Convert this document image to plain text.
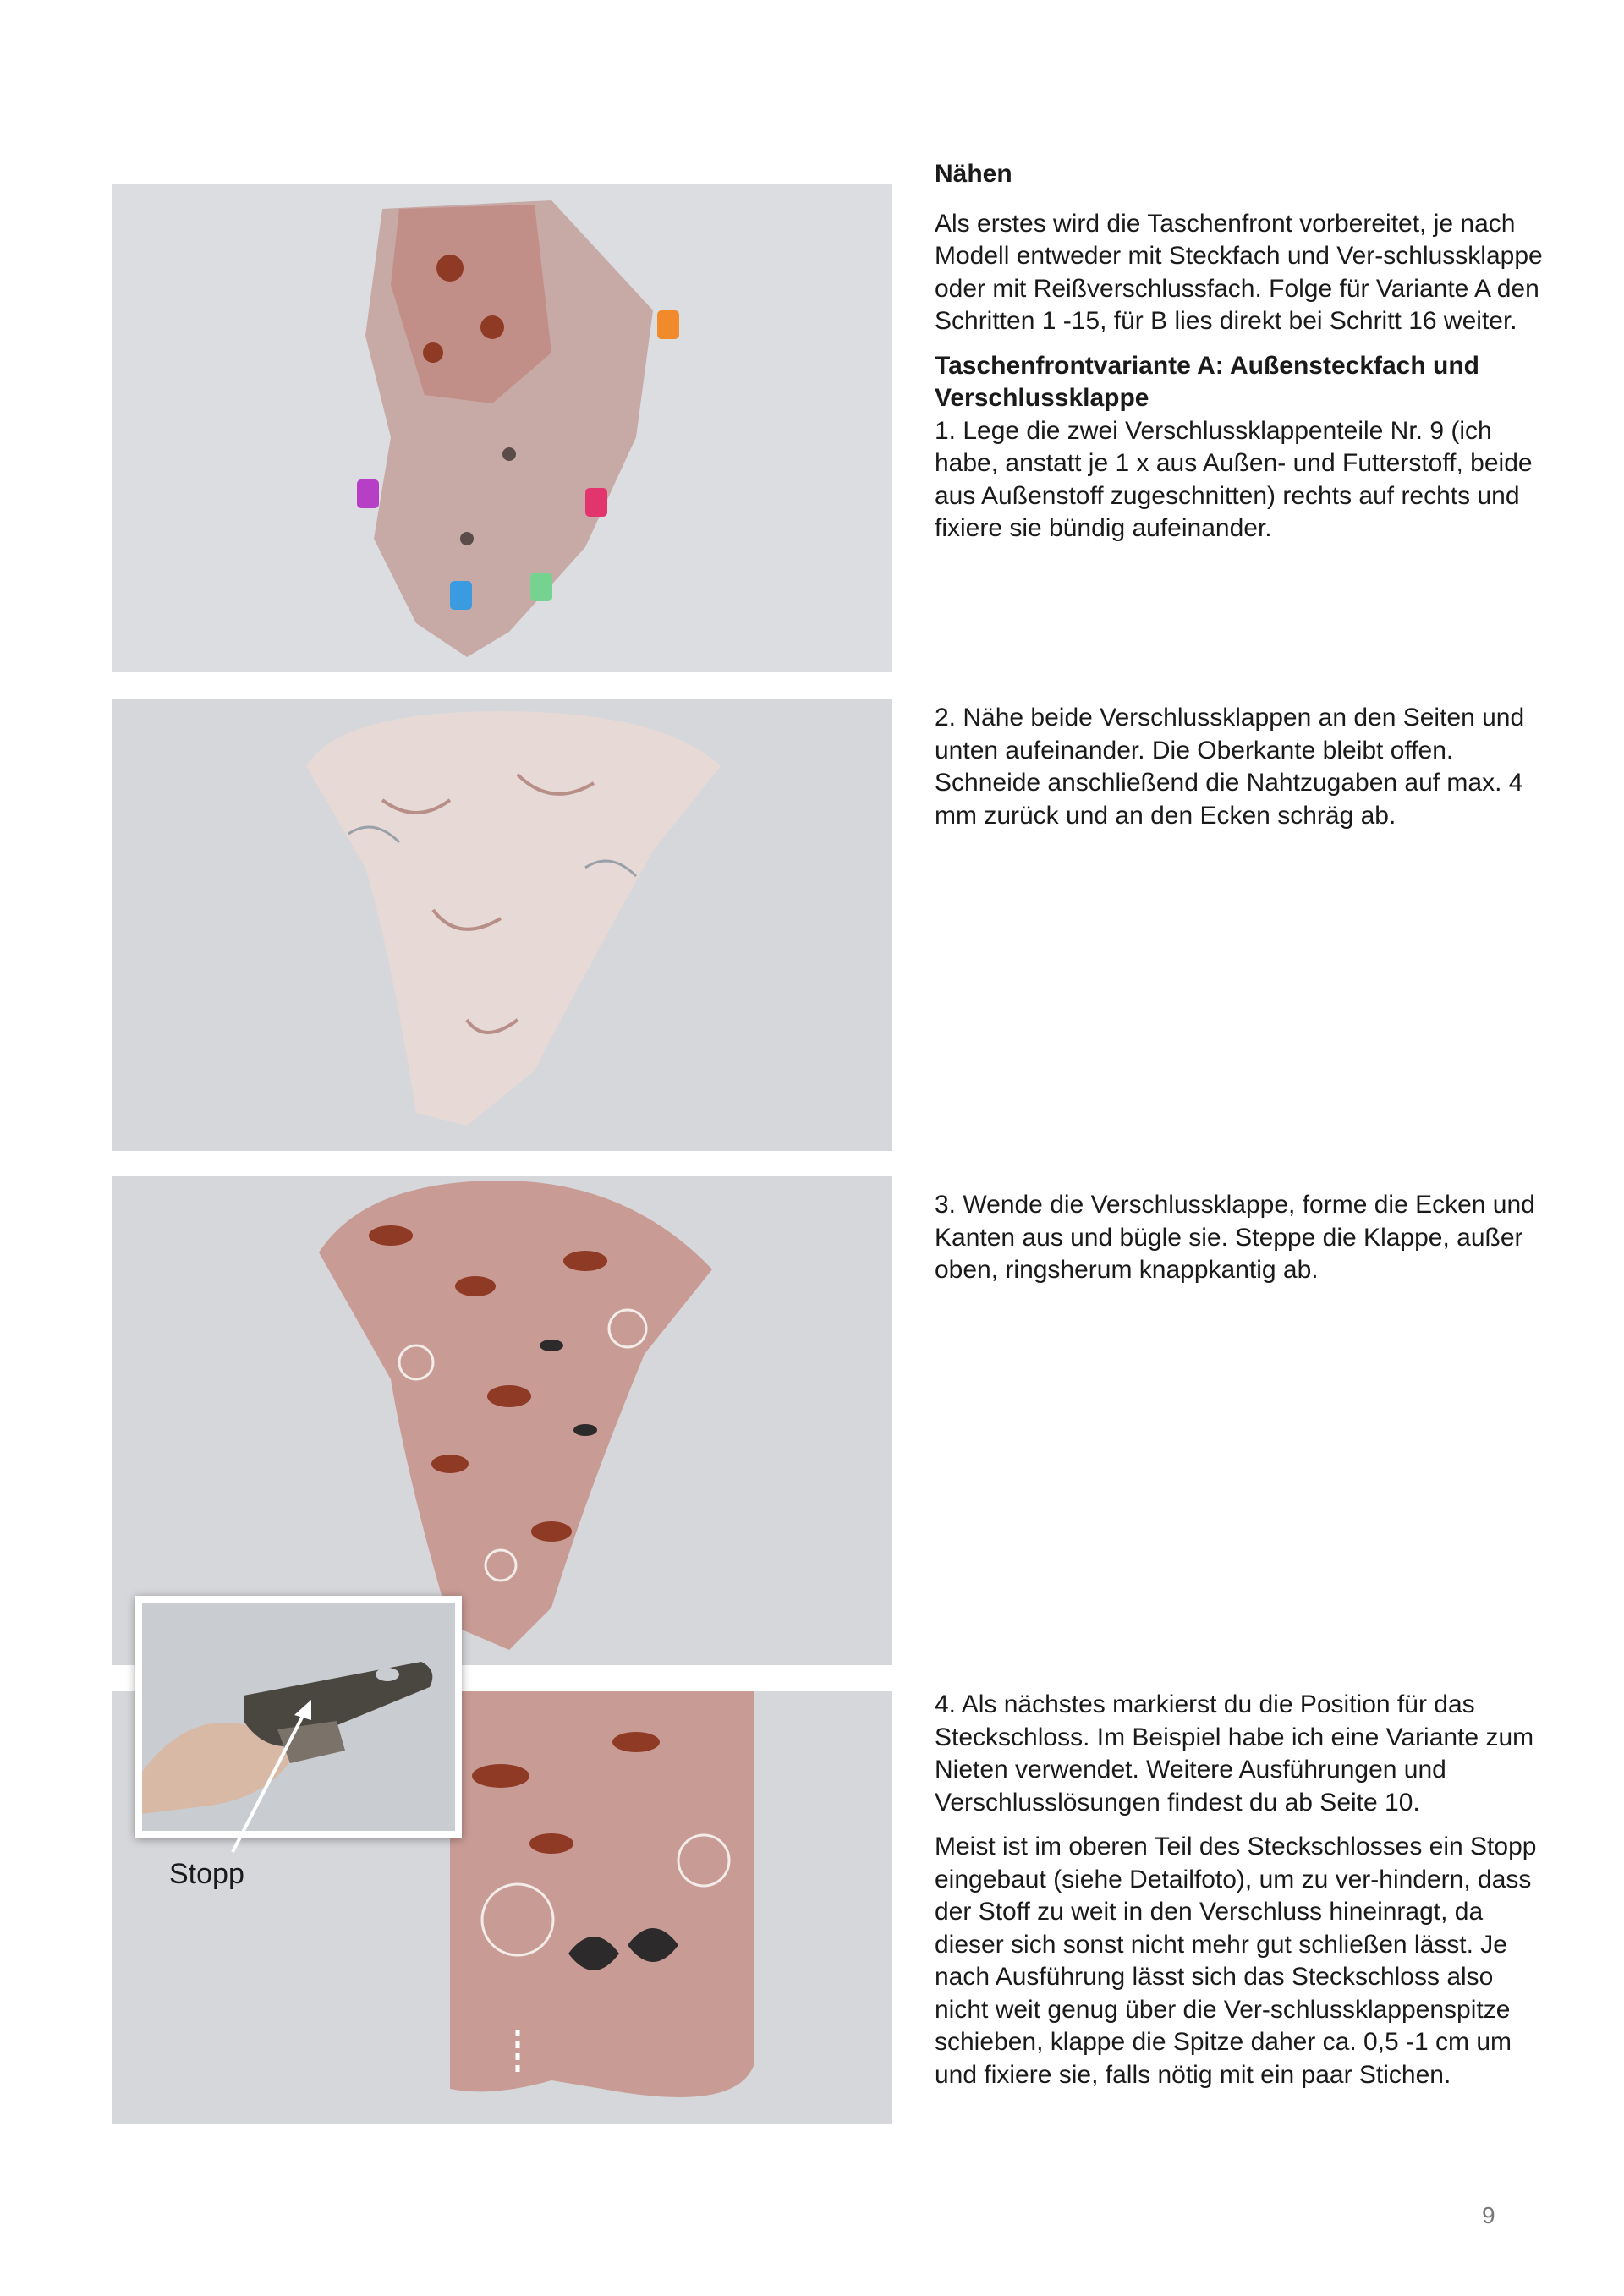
Stopp

Nähen

Als erstes wird die Taschenfront vorbereitet, je nach Modell entweder mit Steckfach und Ver-schlussklappe oder mit Reißverschlussfach. Folge für Variante A den Schritten 1 -15, für B lies direkt bei Schritt 16 weiter.

Taschenfrontvariante A: Außensteckfach und Verschlussklappe

1. Lege die zwei Verschlussklappenteile Nr. 9 (ich habe, anstatt je 1 x aus Außen- und Futterstoff, beide aus Außenstoff zugeschnitten) rechts auf rechts und fixiere sie bündig aufeinander.

2. Nähe beide Verschlussklappen an den Seiten und unten aufeinander. Die Oberkante bleibt offen. Schneide anschließend die Nahtzugaben auf max. 4 mm zurück und an den Ecken schräg ab.

3. Wende die Verschlussklappe, forme die Ecken und Kanten aus und bügle sie. Steppe die Klappe, außer oben, ringsherum knappkantig ab.

4. Als nächstes markierst du die Position für das Steckschloss. Im Beispiel habe ich eine Variante zum Nieten verwendet. Weitere Ausführungen und Verschlusslösungen findest du ab Seite 10.

Meist ist im oberen Teil des Steckschlosses ein Stopp eingebaut (siehe Detailfoto), um zu ver-hindern, dass der Stoff zu weit in den Verschluss hineinragt, da dieser sich sonst nicht mehr gut schließen lässt. Je nach Ausführung lässt sich das Steckschloss also nicht weit genug über die Ver-schlussklappenspitze schieben, klappe die Spitze daher ca. 0,5 -1 cm um und fixiere sie, falls nötig mit ein paar Stichen.

9
